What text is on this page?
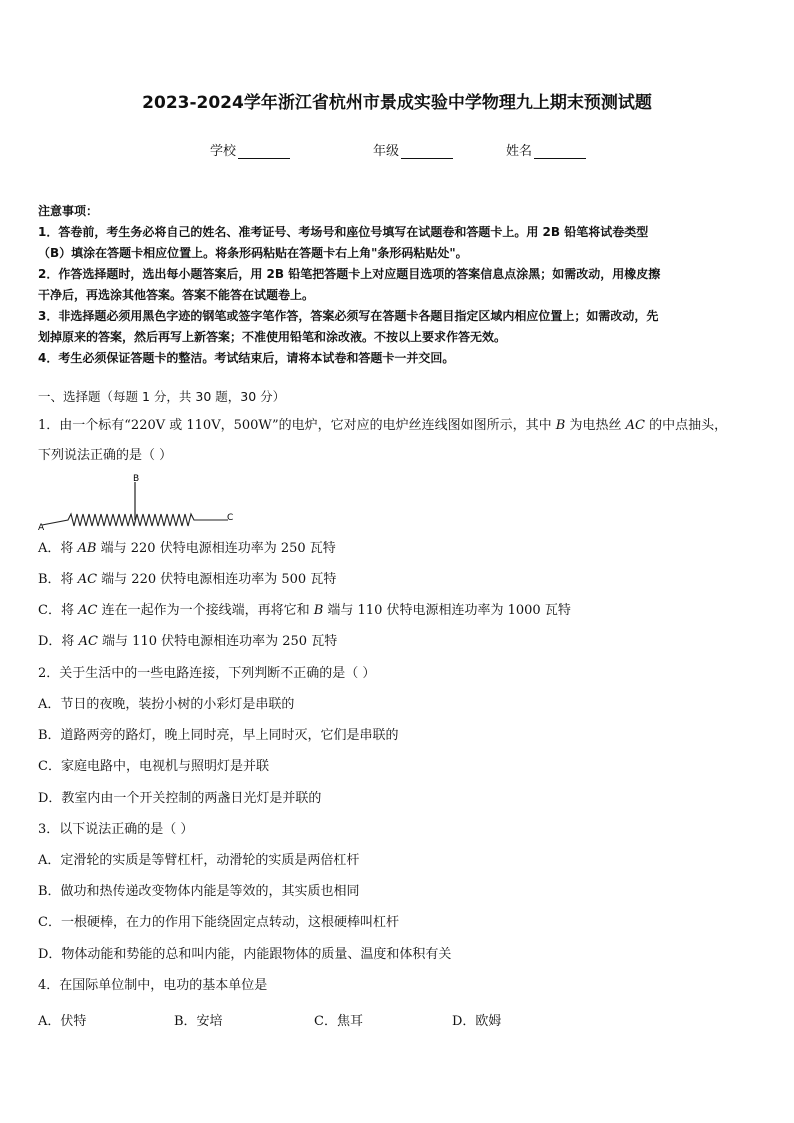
2023-2024学年浙江省杭州市景成实验中学物理九上期末预测试题
学校	年级	姓名
注意事项：
1．答卷前，考生务必将自己的姓名、准考证号、考场号和座位号填写在试题卷和答题卡上。用 2B 铅笔将试卷类型
（B）填涂在答题卡相应位置上。将条形码粘贴在答题卡右上角"条形码粘贴处"。
2．作答选择题时，选出每小题答案后，用 2B 铅笔把答题卡上对应题目选项的答案信息点涂黑；如需改动，用橡皮擦
干净后，再选涂其他答案。答案不能答在试题卷上。
3．非选择题必须用黑色字迹的钢笔或签字笔作答，答案必须写在答题卡各题目指定区域内相应位置上；如需改动，先
划掉原来的答案，然后再写上新答案；不准使用铅笔和涂改液。不按以上要求作答无效。
4．考生必须保证答题卡的整洁。考试结束后，请将本试卷和答题卡一并交回。
一、选择题（每题 1 分，共 30 题，30 分）
1．由一个标有“220V 或 110V，500W”的电炉，它对应的电炉丝连线图如图所示，其中 B 为电热丝 AC 的中点抽头，
下列说法正确的是（ ）
B
A
C
A．将 AB 端与 220 伏特电源相连功率为 250 瓦特
B．将 AC 端与 220 伏特电源相连功率为 500 瓦特
C．将 AC 连在一起作为一个接线端，再将它和 B 端与 110 伏特电源相连功率为 1000 瓦特
D．将 AC 端与 110 伏特电源相连功率为 250 瓦特
2．关于生活中的一些电路连接，下列判断不正确的是（ ）
A．节日的夜晚，装扮小树的小彩灯是串联的
B．道路两旁的路灯，晚上同时亮，早上同时灭，它们是串联的
C．家庭电路中，电视机与照明灯是并联
D．教室内由一个开关控制的两盏日光灯是并联的
3．以下说法正确的是（ ）
A．定滑轮的实质是等臂杠杆，动滑轮的实质是两倍杠杆
B．做功和热传递改变物体内能是等效的，其实质也相同
C．一根硬棒，在力的作用下能绕固定点转动，这根硬棒叫杠杆
D．物体动能和势能的总和叫内能，内能跟物体的质量、温度和体积有关
4．在国际单位制中，电功的基本单位是
A．伏特	B．安培	C．焦耳	D．欧姆
